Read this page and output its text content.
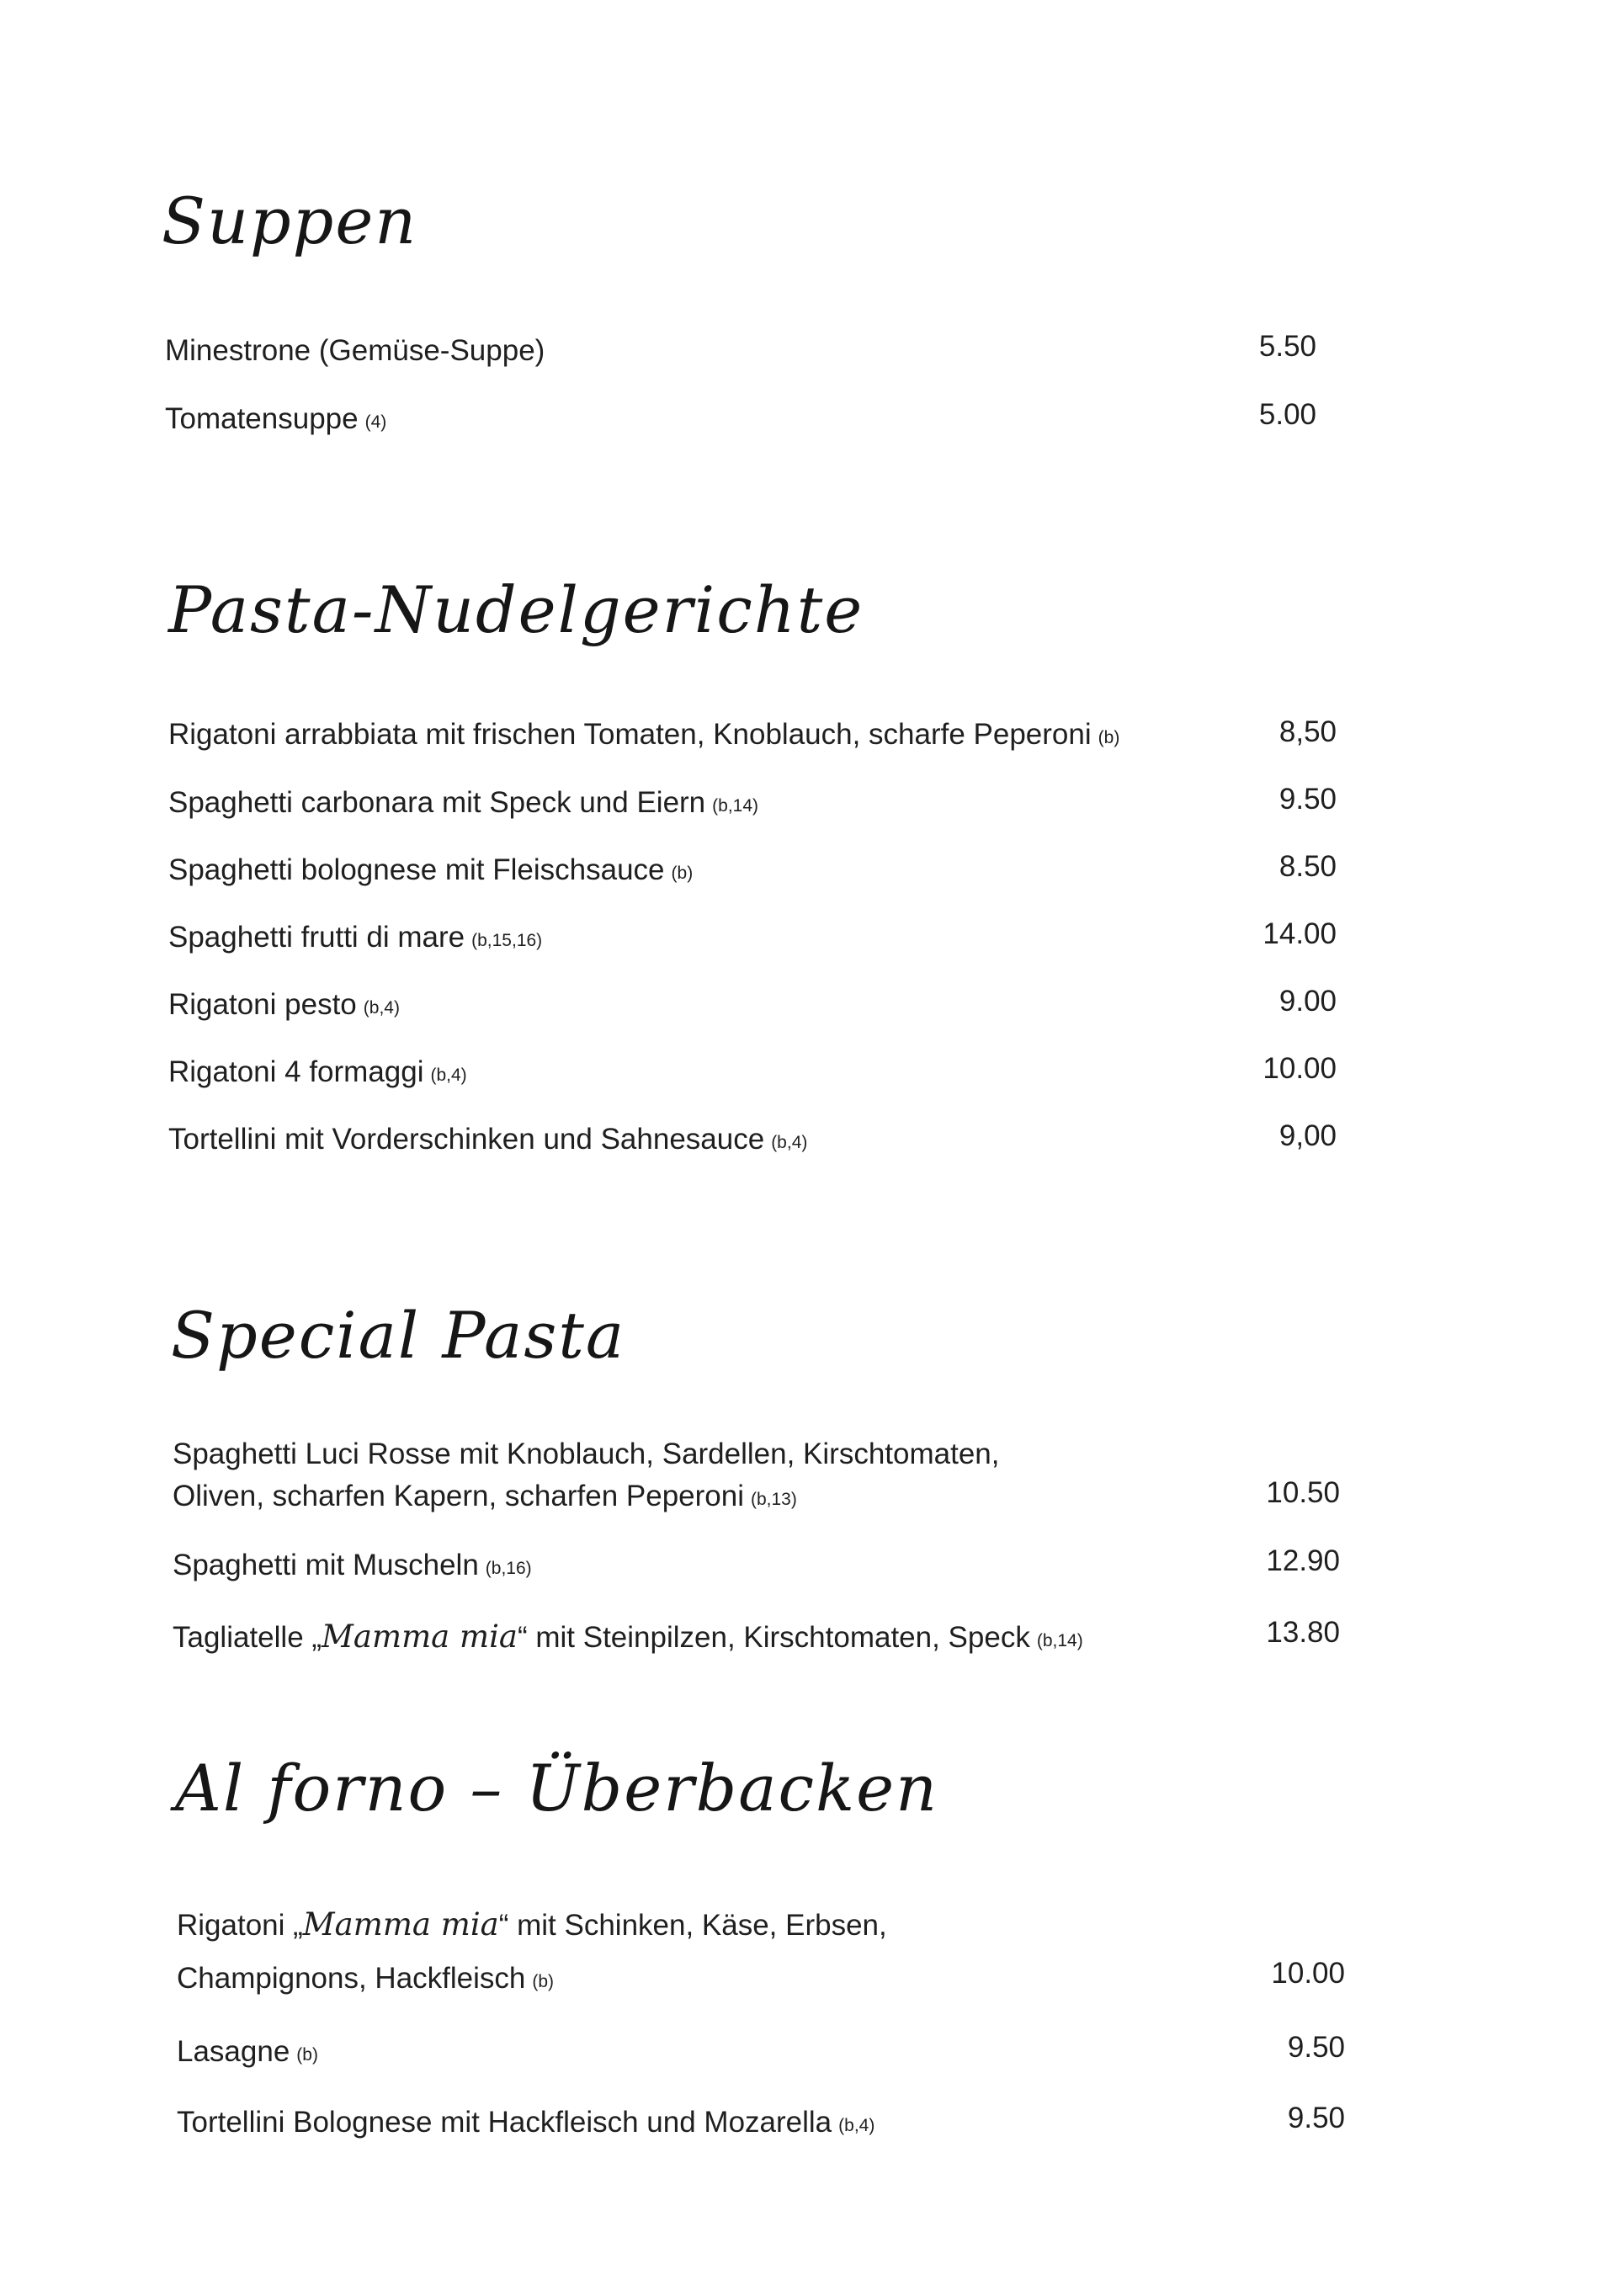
Suppen
Minestrone (Gemüse-Suppe)	5.50
Tomatensuppe (4)	5.00
Pasta-Nudelgerichte
Rigatoni arrabbiata mit frischen Tomaten, Knoblauch, scharfe Peperoni (b)	8,50
Spaghetti carbonara mit Speck und Eiern (b,14)	9.50
Spaghetti bolognese mit Fleischsauce (b)	8.50
Spaghetti frutti di mare (b,15,16)	14.00
Rigatoni pesto (b,4)	9.00
Rigatoni 4 formaggi (b,4)	10.00
Tortellini mit Vorderschinken und Sahnesauce (b,4)	9,00
Special Pasta
Spaghetti Luci Rosse mit Knoblauch, Sardellen, Kirschtomaten,
Oliven, scharfen Kapern, scharfen Peperoni (b,13)	10.50
Spaghetti mit Muscheln (b,16)	12.90
Tagliatelle „Mamma mia“ mit Steinpilzen, Kirschtomaten, Speck (b,14)	13.80
Al forno – Überbacken
Rigatoni „Mamma mia“ mit Schinken, Käse, Erbsen,
Champignons, Hackfleisch (b)	10.00
Lasagne (b)	9.50
Tortellini Bolognese mit Hackfleisch und Mozarella (b,4)	9.50
